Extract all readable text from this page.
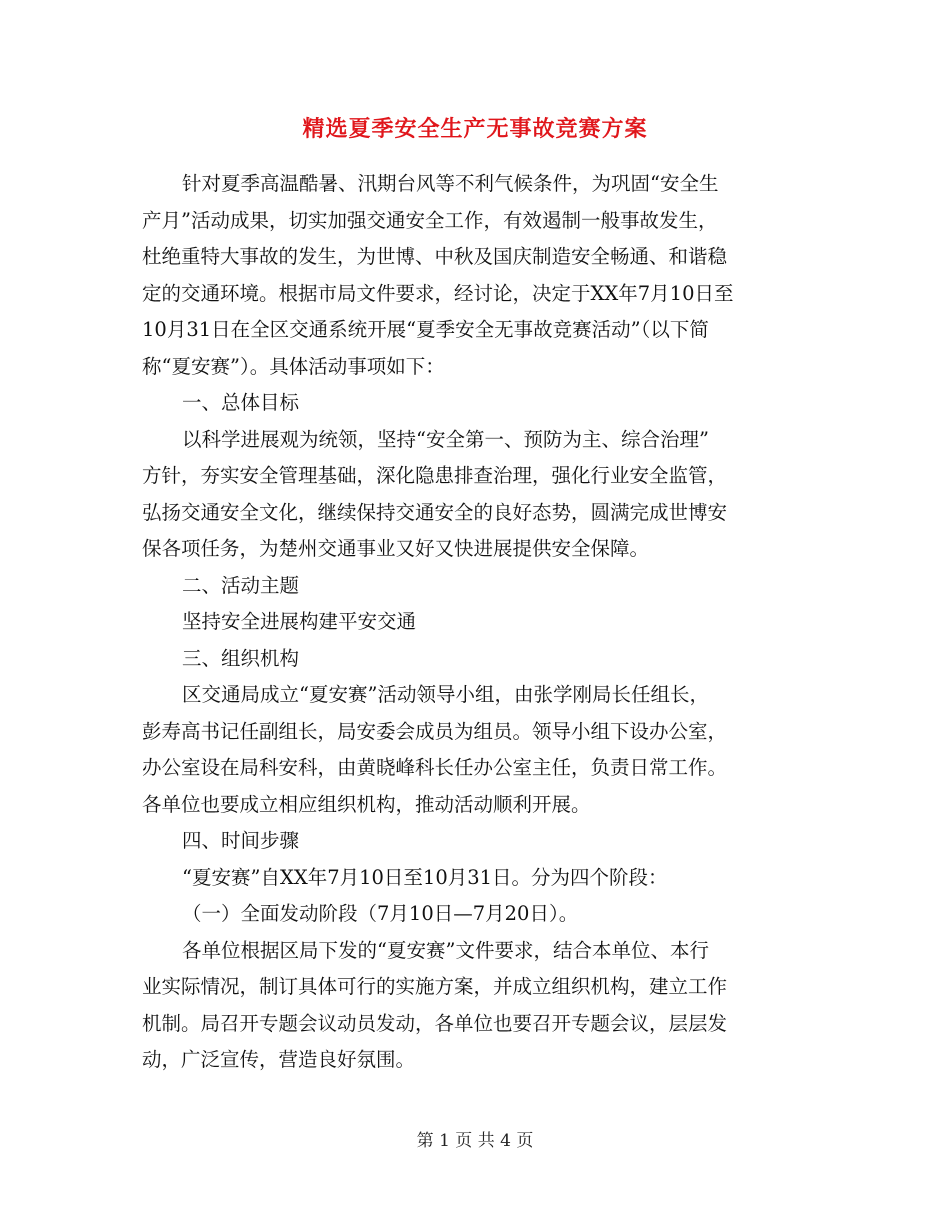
精选夏季安全生产无事故竞赛方案
针对夏季高温酷暑、汛期台风等不利气候条件，为巩固“安全生
产月”活动成果，切实加强交通安全工作，有效遏制一般事故发生，
杜绝重特大事故的发生，为世博、中秋及国庆制造安全畅通、和谐稳
定的交通环境。根据市局文件要求，经讨论，决定于XX年7月10日至
10月31日在全区交通系统开展“夏季安全无事故竞赛活动”（以下简
称“夏安赛”）。具体活动事项如下：
一、总体目标
以科学进展观为统领，坚持“安全第一、预防为主、综合治理”
方针，夯实安全管理基础，深化隐患排查治理，强化行业安全监管，
弘扬交通安全文化，继续保持交通安全的良好态势，圆满完成世博安
保各项任务，为楚州交通事业又好又快进展提供安全保障。
二、活动主题
坚持安全进展构建平安交通
三、组织机构
区交通局成立“夏安赛”活动领导小组，由张学刚局长任组长，
彭寿高书记任副组长，局安委会成员为组员。领导小组下设办公室，
办公室设在局科安科，由黄晓峰科长任办公室主任，负责日常工作。
各单位也要成立相应组织机构，推动活动顺利开展。
四、时间步骤
“夏安赛”自XX年7月10日至10月31日。分为四个阶段：
（一）全面发动阶段（7月10日—7月20日）。
各单位根据区局下发的“夏安赛”文件要求，结合本单位、本行
业实际情况，制订具体可行的实施方案，并成立组织机构，建立工作
机制。局召开专题会议动员发动，各单位也要召开专题会议，层层发
动，广泛宣传，营造良好氛围。
第 1 页 共 4 页
